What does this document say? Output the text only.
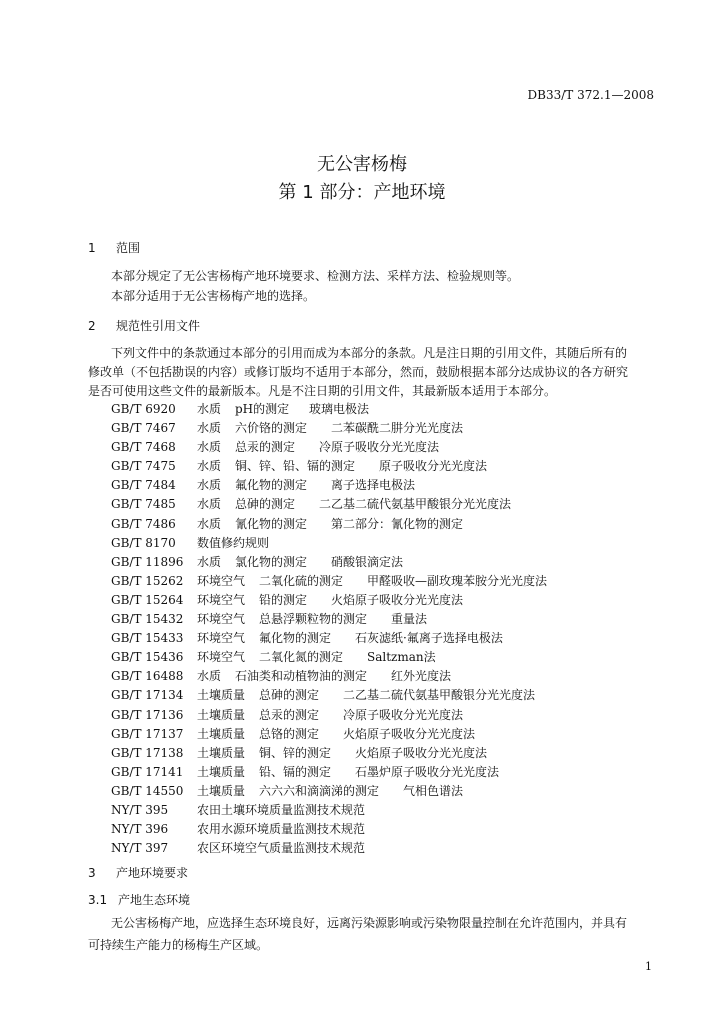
DB33/T 372.1—2008
无公害杨梅
第 1 部分：产地环境
1 范围
本部分规定了无公害杨梅产地环境要求、检测方法、采样方法、检验规则等。
本部分适用于无公害杨梅产地的选择。
2 规范性引用文件
下列文件中的条款通过本部分的引用而成为本部分的条款。凡是注日期的引用文件，其随后所有的
修改单（不包括勘误的内容）或修订版均不适用于本部分，然而，鼓励根据本部分达成协议的各方研究
是否可使用这些文件的最新版本。凡是不注日期的引用文件，其最新版本适用于本部分。
GB/T 6920 水质 pH的测定 玻璃电极法
GB/T 7467 水质 六价铬的测定 二苯碳酰二肼分光光度法
GB/T 7468 水质 总汞的测定 冷原子吸收分光光度法
GB/T 7475 水质 铜、锌、铅、镉的测定 原子吸收分光光度法
GB/T 7484 水质 氟化物的测定 离子选择电极法
GB/T 7485 水质 总砷的测定 二乙基二硫代氨基甲酸银分光光度法
GB/T 7486 水质 氰化物的测定 第二部分：氰化物的测定
GB/T 8170 数值修约规则
GB/T 11896 水质 氯化物的测定 硝酸银滴定法
GB/T 15262 环境空气 二氧化硫的测定 甲醛吸收—副玫瑰苯胺分光光度法
GB/T 15264 环境空气 铅的测定 火焰原子吸收分光光度法
GB/T 15432 环境空气 总悬浮颗粒物的测定 重量法
GB/T 15433 环境空气 氟化物的测定 石灰滤纸·氟离子选择电极法
GB/T 15436 环境空气 二氧化氮的测定 Saltzman法
GB/T 16488 水质 石油类和动植物油的测定 红外光度法
GB/T 17134 土壤质量 总砷的测定 二乙基二硫代氨基甲酸银分光光度法
GB/T 17136 土壤质量 总汞的测定 冷原子吸收分光光度法
GB/T 17137 土壤质量 总铬的测定 火焰原子吸收分光光度法
GB/T 17138 土壤质量 铜、锌的测定 火焰原子吸收分光光度法
GB/T 17141 土壤质量 铅、镉的测定 石墨炉原子吸收分光光度法
GB/T 14550 土壤质量 六六六和滴滴涕的测定 气相色谱法
NY/T 395 农田土壤环境质量监测技术规范
NY/T 396 农用水源环境质量监测技术规范
NY/T 397 农区环境空气质量监测技术规范
3 产地环境要求
3.1 产地生态环境
无公害杨梅产地，应选择生态环境良好，远离污染源影响或污染物限量控制在允许范围内，并具有
可持续生产能力的杨梅生产区域。
1
